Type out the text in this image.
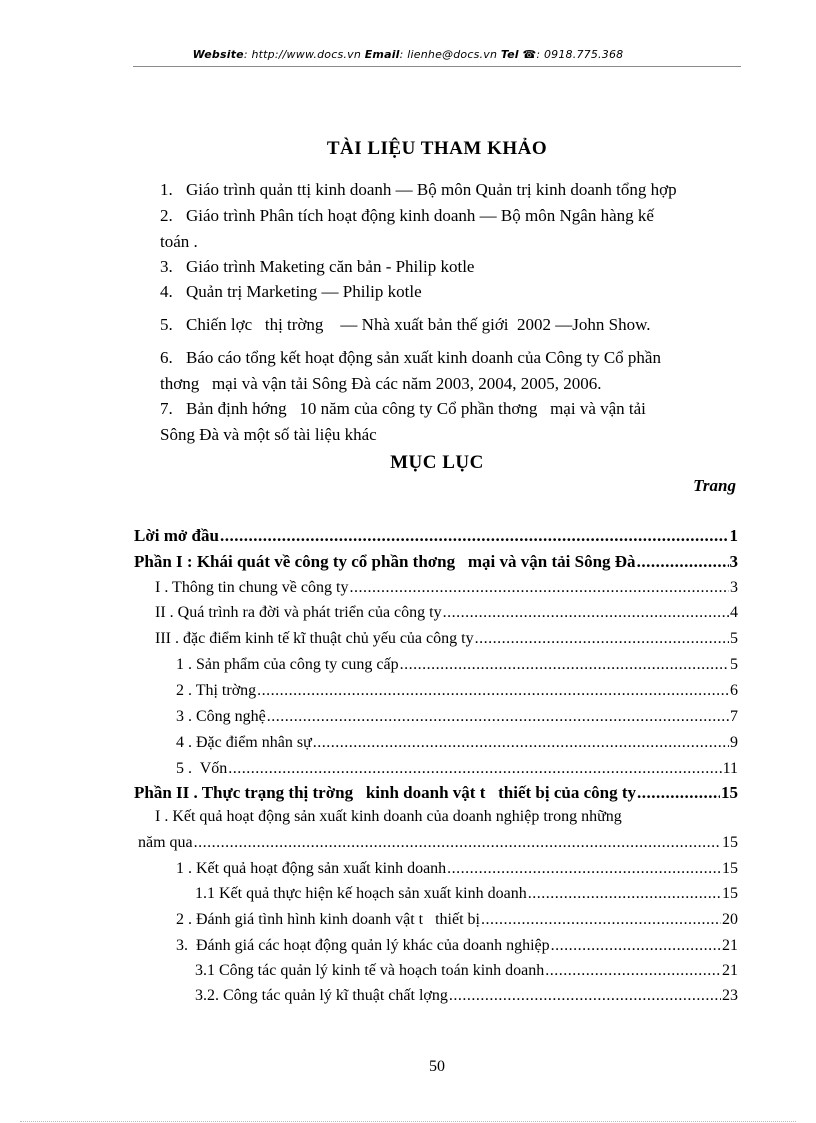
Website: http://www.docs.vn Email: lienhe@docs.vn Tel ☎: 0918.775.368
TÀI LIỆU THAM KHẢO
1. Giáo trình quản ttị kinh doanh — Bộ môn Quản trị kinh doanh tổng hợp
2. Giáo trình Phân tích hoạt động kinh doanh — Bộ môn Ngân hàng kế
toán .
3. Giáo trình Maketing căn bản - Philip kotle
4. Quản trị Marketing — Philip kotle
5. Chiến lợc   thị trờng    — Nhà xuất bản thế giới  2002 —John Show.
6. Báo cáo tổng kết hoạt động sản xuất kinh doanh của Công ty Cổ phần
thơng   mại và vận tải Sông Đà các năm 2003, 2004, 2005, 2006.
7. Bản định hớng   10 năm của công ty Cổ phần thơng   mại và vận tải
Sông Đà và một số tài liệu khác
MỤC LỤC
Trang
Lời mở đầu .....	1
Phần I : Khái quát về công ty cổ phần thơng   mại và vận tải Sông Đà .....	3
I . Thông tin chung về công ty .....	3
II . Quá trình ra đời và phát triển của công ty .....	4
III . đặc điểm kinh tế kĩ thuật chủ yếu của công ty .....	5
1 . Sản phẩm của công ty cung cấp .....	5
2 . Thị trờng .....	6
3 . Công nghệ .....	7
4 . Đặc điểm nhân sự .....	9
5 .  Vốn .....	11
Phần II . Thực trạng thị trờng   kinh doanh vật t   thiết bị của công ty .....	15
I . Kết quả hoạt động sản xuất kinh doanh của doanh nghiệp trong những
năm qua .....	15
1 . Kết quả hoạt động sản xuất kinh doanh .....	15
1.1 Kết quả thực hiện kế hoạch sản xuất kinh doanh .....	15
2 . Đánh giá tình hình kinh doanh vật t   thiết bị .....	20
3.  Đánh giá các hoạt động quản lý khác của doanh nghiệp .....	21
3.1 Công tác quản lý kinh tế và hoạch toán kinh doanh .....	21
3.2. Công tác quản lý kĩ thuật chất lợng .....	23
50
